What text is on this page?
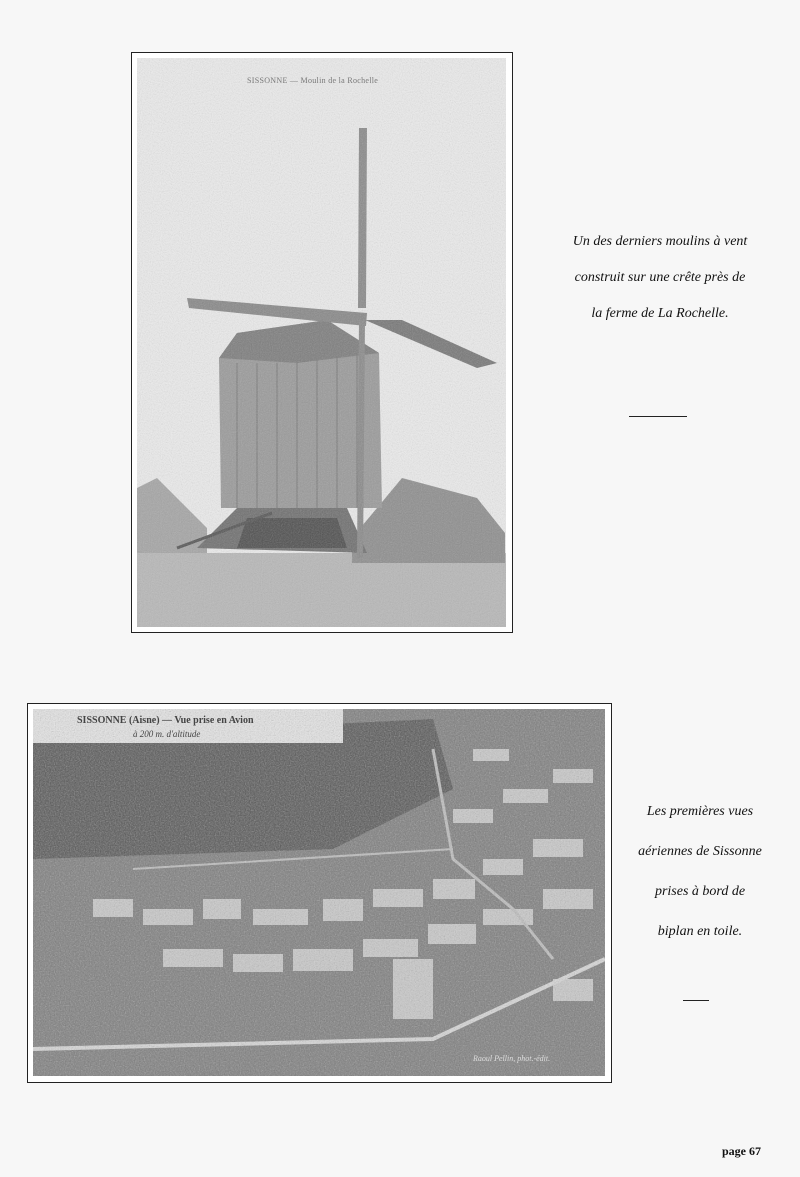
SISSONNE — Moulin de la Rochelle
Un des derniers moulins à vent
construit sur une crête près de
la ferme de La Rochelle.
SISSONNE (Aisne) — Vue prise en Avion
à 200 m. d'altitude
Raoul Pellin, phot.-édit.
Les premières vues
aériennes de Sissonne
prises à bord de
biplan en toile.
page 67
